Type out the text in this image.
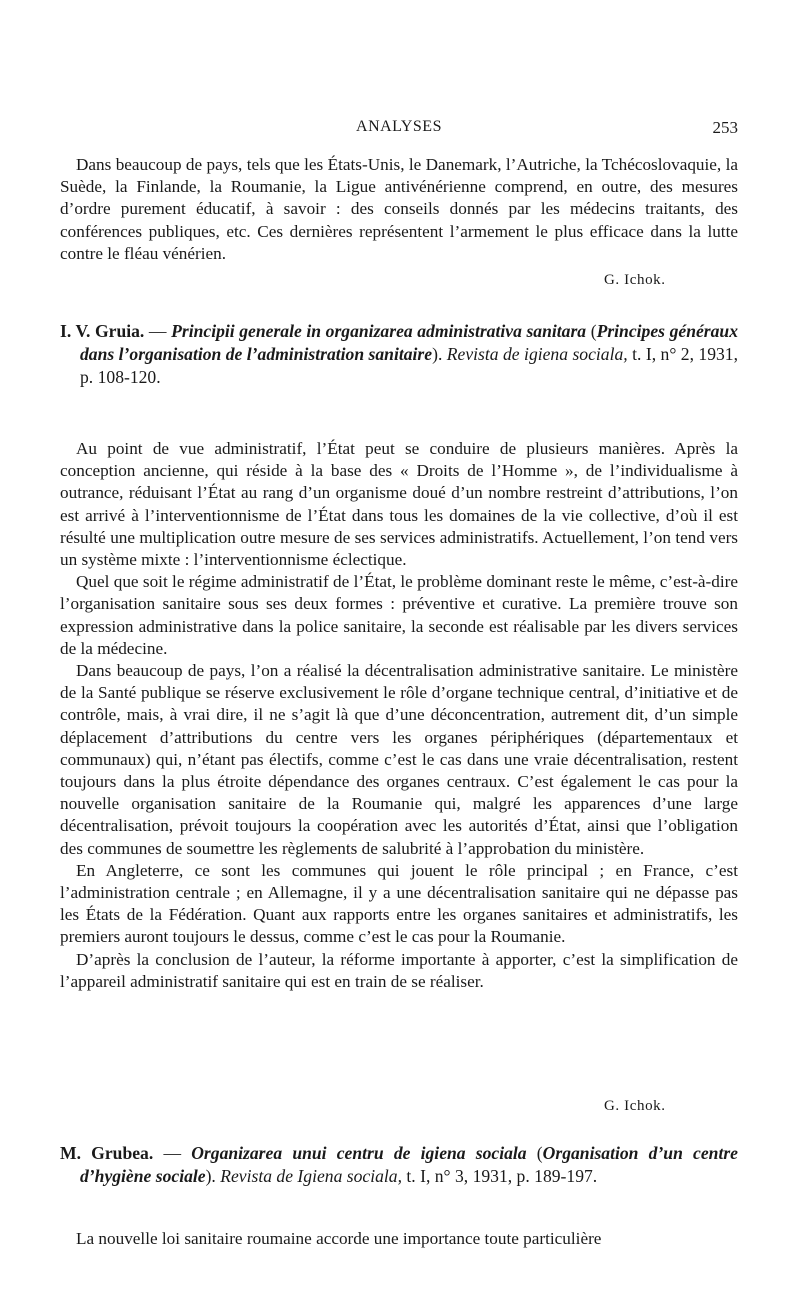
ANALYSES	253

Dans beaucoup de pays, tels que les États-Unis, le Danemark, l’Autriche, la Tchécoslovaquie, la Suède, la Finlande, la Roumanie, la Ligue antivénérienne comprend, en outre, des mesures d’ordre purement éducatif, à savoir : des conseils donnés par les médecins traitants, des conférences publiques, etc. Ces dernières représentent l’armement le plus efficace dans la lutte contre le fléau vénérien.

G. Ichok.
I. V. Gruia. — Principii generale in organizarea administrativa sanitara (Principes généraux dans l’organisation de l’administration sanitaire). Revista de igiena sociala, t. I, n° 2, 1931, p. 108-120.

Au point de vue administratif, l’État peut se conduire de plusieurs manières. Après la conception ancienne, qui réside à la base des « Droits de l’Homme », de l’individualisme à outrance, réduisant l’État au rang d’un organisme doué d’un nombre restreint d’attributions, l’on est arrivé à l’interventionnisme de l’État dans tous les domaines de la vie collective, d’où il est résulté une multiplication outre mesure de ses services administratifs. Actuellement, l’on tend vers un système mixte : l’interventionnisme éclectique.

Quel que soit le régime administratif de l’État, le problème dominant reste le même, c’est-à-dire l’organisation sanitaire sous ses deux formes : préventive et curative. La première trouve son expression administrative dans la police sanitaire, la seconde est réalisable par les divers services de la médecine.

Dans beaucoup de pays, l’on a réalisé la décentralisation administrative sanitaire. Le ministère de la Santé publique se réserve exclusivement le rôle d’organe technique central, d’initiative et de contrôle, mais, à vrai dire, il ne s’agit là que d’une déconcentration, autrement dit, d’un simple déplacement d’attributions du centre vers les organes périphériques (départementaux et communaux) qui, n’étant pas électifs, comme c’est le cas dans une vraie décentralisation, restent toujours dans la plus étroite dépendance des organes centraux. C’est également le cas pour la nouvelle organisation sanitaire de la Roumanie qui, malgré les apparences d’une large décentralisation, prévoit toujours la coopération avec les autorités d’État, ainsi que l’obligation des communes de soumettre les règlements de salubrité à l’approbation du ministère.

En Angleterre, ce sont les communes qui jouent le rôle principal ; en France, c’est l’administration centrale ; en Allemagne, il y a une décentralisation sanitaire qui ne dépasse pas les États de la Fédération. Quant aux rapports entre les organes sanitaires et administratifs, les premiers auront toujours le dessus, comme c’est le cas pour la Roumanie.

D’après la conclusion de l’auteur, la réforme importante à apporter, c’est la simplification de l’appareil administratif sanitaire qui est en train de se réaliser.

G. Ichok.
M. Grubea. — Organizarea unui centru de igiena sociala (Organisation d’un centre d’hygiène sociale). Revista de Igiena sociala, t. I, n° 3, 1931, p. 189-197.

La nouvelle loi sanitaire roumaine accorde une importance toute particulière
